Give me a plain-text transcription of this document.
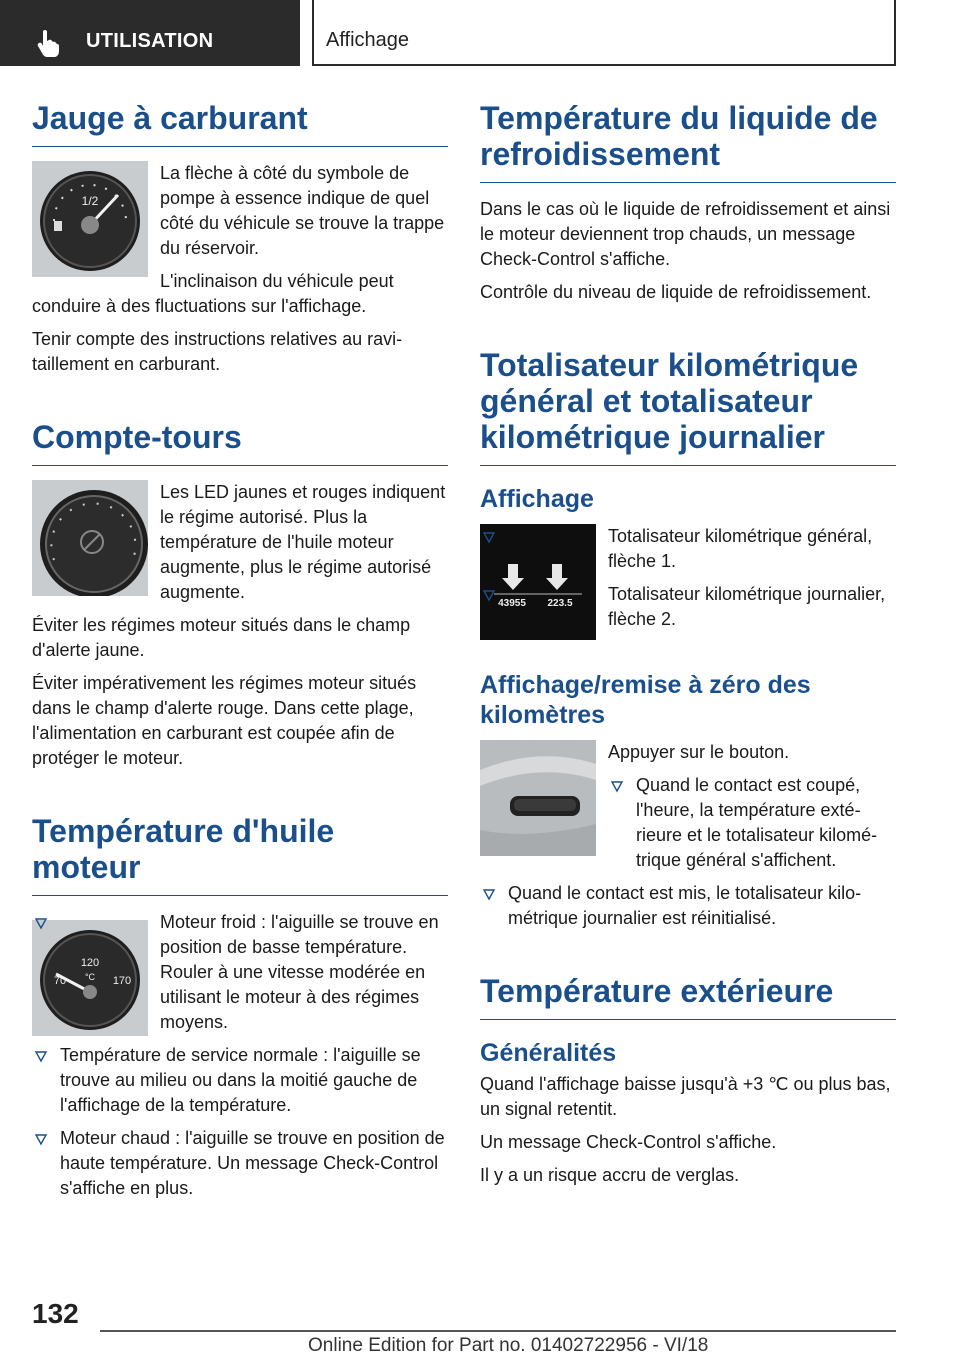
UTILISATION	Affichage
Jauge à carburant
1/2

La flèche à côté du symbole de pompe à essence indique de quel côté du véhicule se trouve la trappe du réservoir.

L'inclinaison du véhicule peut conduire à des fluctuations sur l'affichage.

Tenir compte des instructions relatives au ravitaillement en carburant.

Compte-tours

Les LED jaunes et rouges indiquent le régime autorisé. Plus la température de l'huile moteur augmente, plus le régime autorisé augmente.

Éviter les régimes moteur situés dans le champ d'alerte jaune.

Éviter impérativement les régimes moteur situés dans le champ d'alerte rouge. Dans cette plage, l'alimentation en carburant est coupée afin de protéger le moteur.

Température d'huile moteur
120
°C
70	170
Moteur froid : l'aiguille se trouve en position de basse température. Rouler à une vitesse modérée en utilisant le moteur à des régimes moyens.
Température de service normale : l'aiguille se trouve au milieu ou dans la moitié gauche de l'affichage de la température.
Moteur chaud : l'aiguille se trouve en position de haute température. Un message Check-Control s'affiche en plus.
Température du liquide de refroidissement

Dans le cas où le liquide de refroidissement et ainsi le moteur deviennent trop chauds, un message Check-Control s'affiche.

Contrôle du niveau de liquide de refroidissement.

Totalisateur kilométrique général et totalisateur kilométrique journalier
Affichage
1	2
43955 223.5
Totalisateur kilométrique général, flèche 1.
Totalisateur kilométrique journalier, flèche 2.
Affichage/remise à zéro des kilomètres

Appuyer sur le bouton.

Quand le contact est coupé, l'heure, la température extérieure et le totalisateur kilométrique général s'affichent.
Quand le contact est mis, le totalisateur kilométrique journalier est réinitialisé.
Température extérieure
Généralités

Quand l'affichage baisse jusqu'à +3 ℃ ou plus bas, un signal retentit.

Un message Check-Control s'affiche.

Il y a un risque accru de verglas.

132
Online Edition for Part no. 01402722956 - VI/18
